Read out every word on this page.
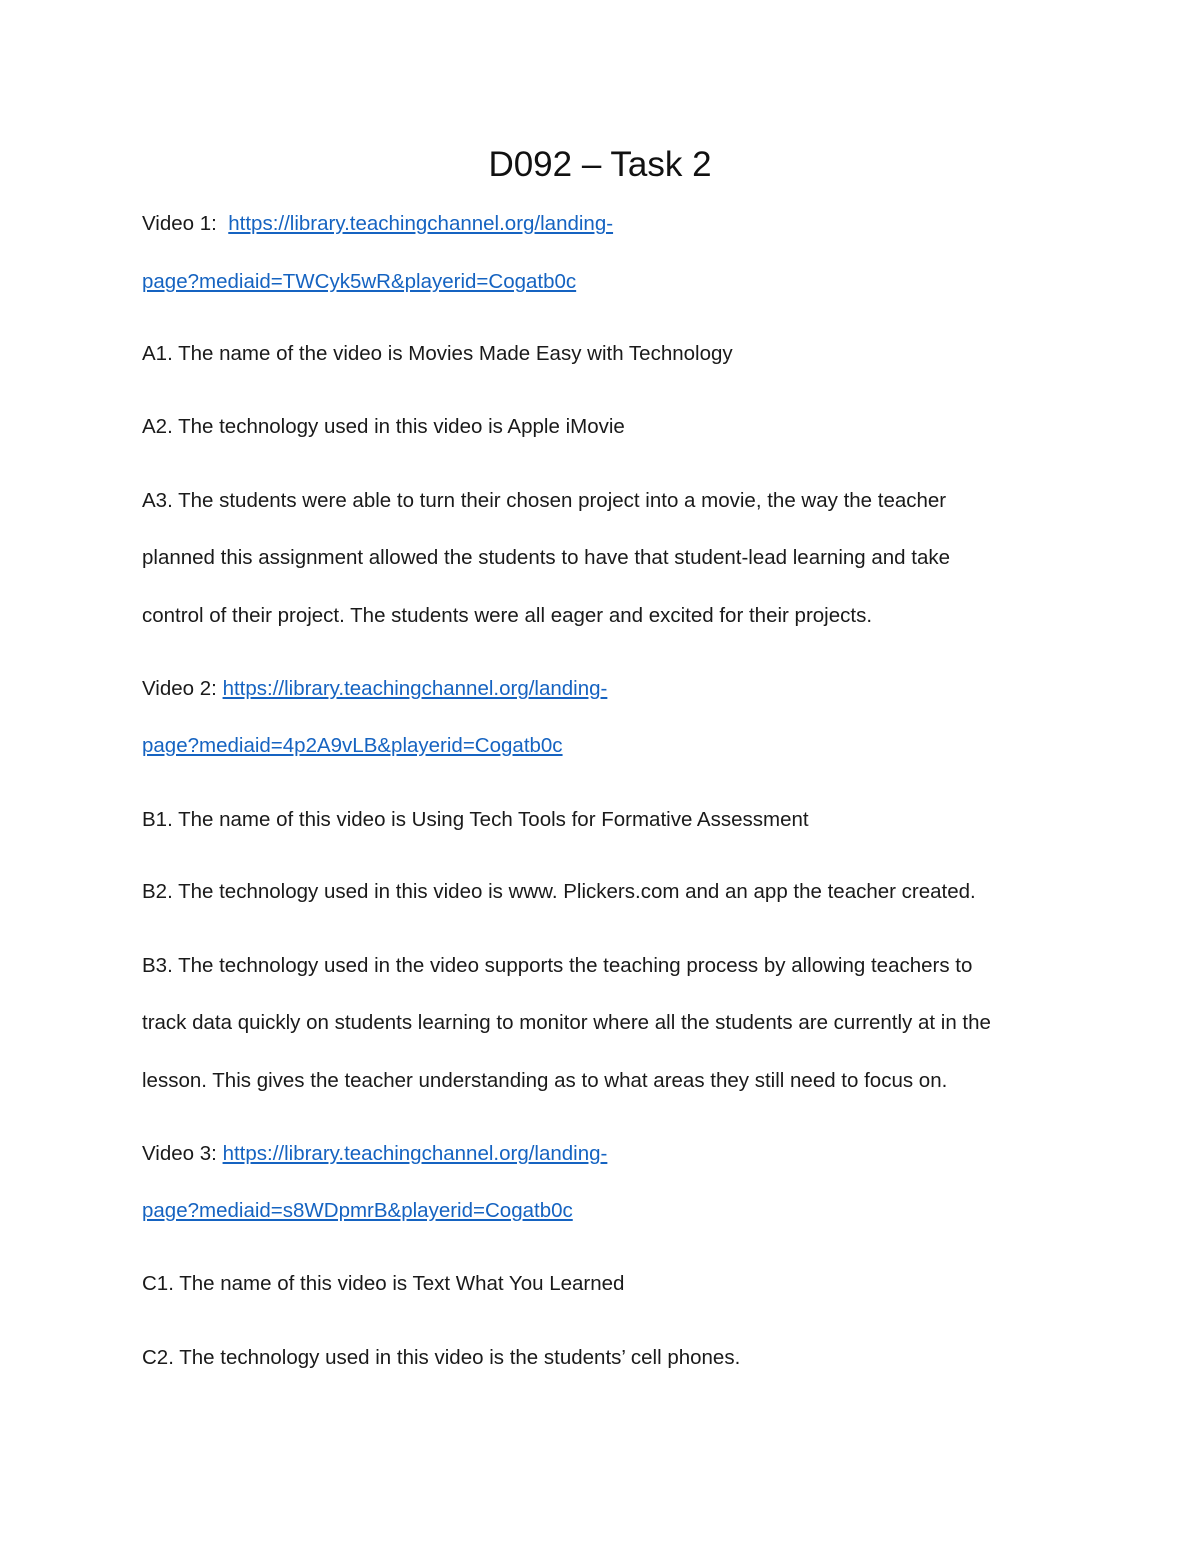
D092 – Task 2
Video 1: https://library.teachingchannel.org/landing-
page?mediaid=TWCyk5wR&playerid=Cogatb0c
A1. The name of the video is Movies Made Easy with Technology
A2. The technology used in this video is Apple iMovie
A3. The students were able to turn their chosen project into a movie, the way the teacher
planned this assignment allowed the students to have that student-lead learning and take
control of their project. The students were all eager and excited for their projects.
Video 2: https://library.teachingchannel.org/landing-
page?mediaid=4p2A9vLB&playerid=Cogatb0c
B1. The name of this video is Using Tech Tools for Formative Assessment
B2. The technology used in this video is www. Plickers.com and an app the teacher created.
B3. The technology used in the video supports the teaching process by allowing teachers to
track data quickly on students learning to monitor where all the students are currently at in the
lesson. This gives the teacher understanding as to what areas they still need to focus on.
Video 3: https://library.teachingchannel.org/landing-
page?mediaid=s8WDpmrB&playerid=Cogatb0c
C1. The name of this video is Text What You Learned
C2. The technology used in this video is the students’ cell phones.
